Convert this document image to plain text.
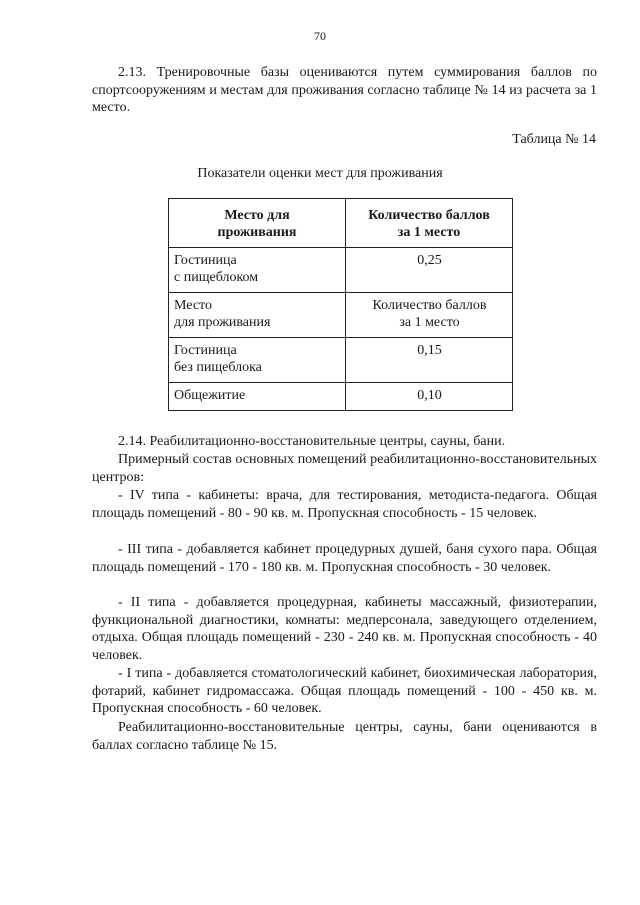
70

2.13. Тренировочные базы оцениваются путем суммирования баллов по спортсооружениям и местам для проживания согласно таблице № 14 из расчета за 1 место.

Таблица № 14
Показатели оценки мест для проживания
Место для
проживания	Количество баллов
за 1 место

Гостиница
с пищеблоком	0,25

Место
для проживания	Количество баллов
за 1 место

Гостиница
без пищеблока	0,15

Общежитие	0,10

2.14. Реабилитационно-восстановительные центры, сауны, бани.

Примерный состав основных помещений реабилитационно-восстановительных центров:

- IV типа - кабинеты: врача, для тестирования, методиста-педагога. Общая площадь помещений - 80 - 90 кв. м. Пропускная способность - 15 человек.

- III типа - добавляется кабинет процедурных душей, баня сухого пара. Общая площадь помещений - 170 - 180 кв. м. Пропускная способность - 30 человек.

- II типа - добавляется процедурная, кабинеты массажный, физиотерапии, функциональной диагностики, комнаты: медперсонала, заведующего отделением, отдыха. Общая площадь помещений - 230 - 240 кв. м. Пропускная способность - 40 человек.

- I типа - добавляется стоматологический кабинет, биохимическая лаборатория, фотарий, кабинет гидромассажа. Общая площадь помещений - 100 - 450 кв. м. Пропускная способность - 60 человек.

Реабилитационно-восстановительные центры, сауны, бани оцениваются в баллах согласно таблице № 15.
